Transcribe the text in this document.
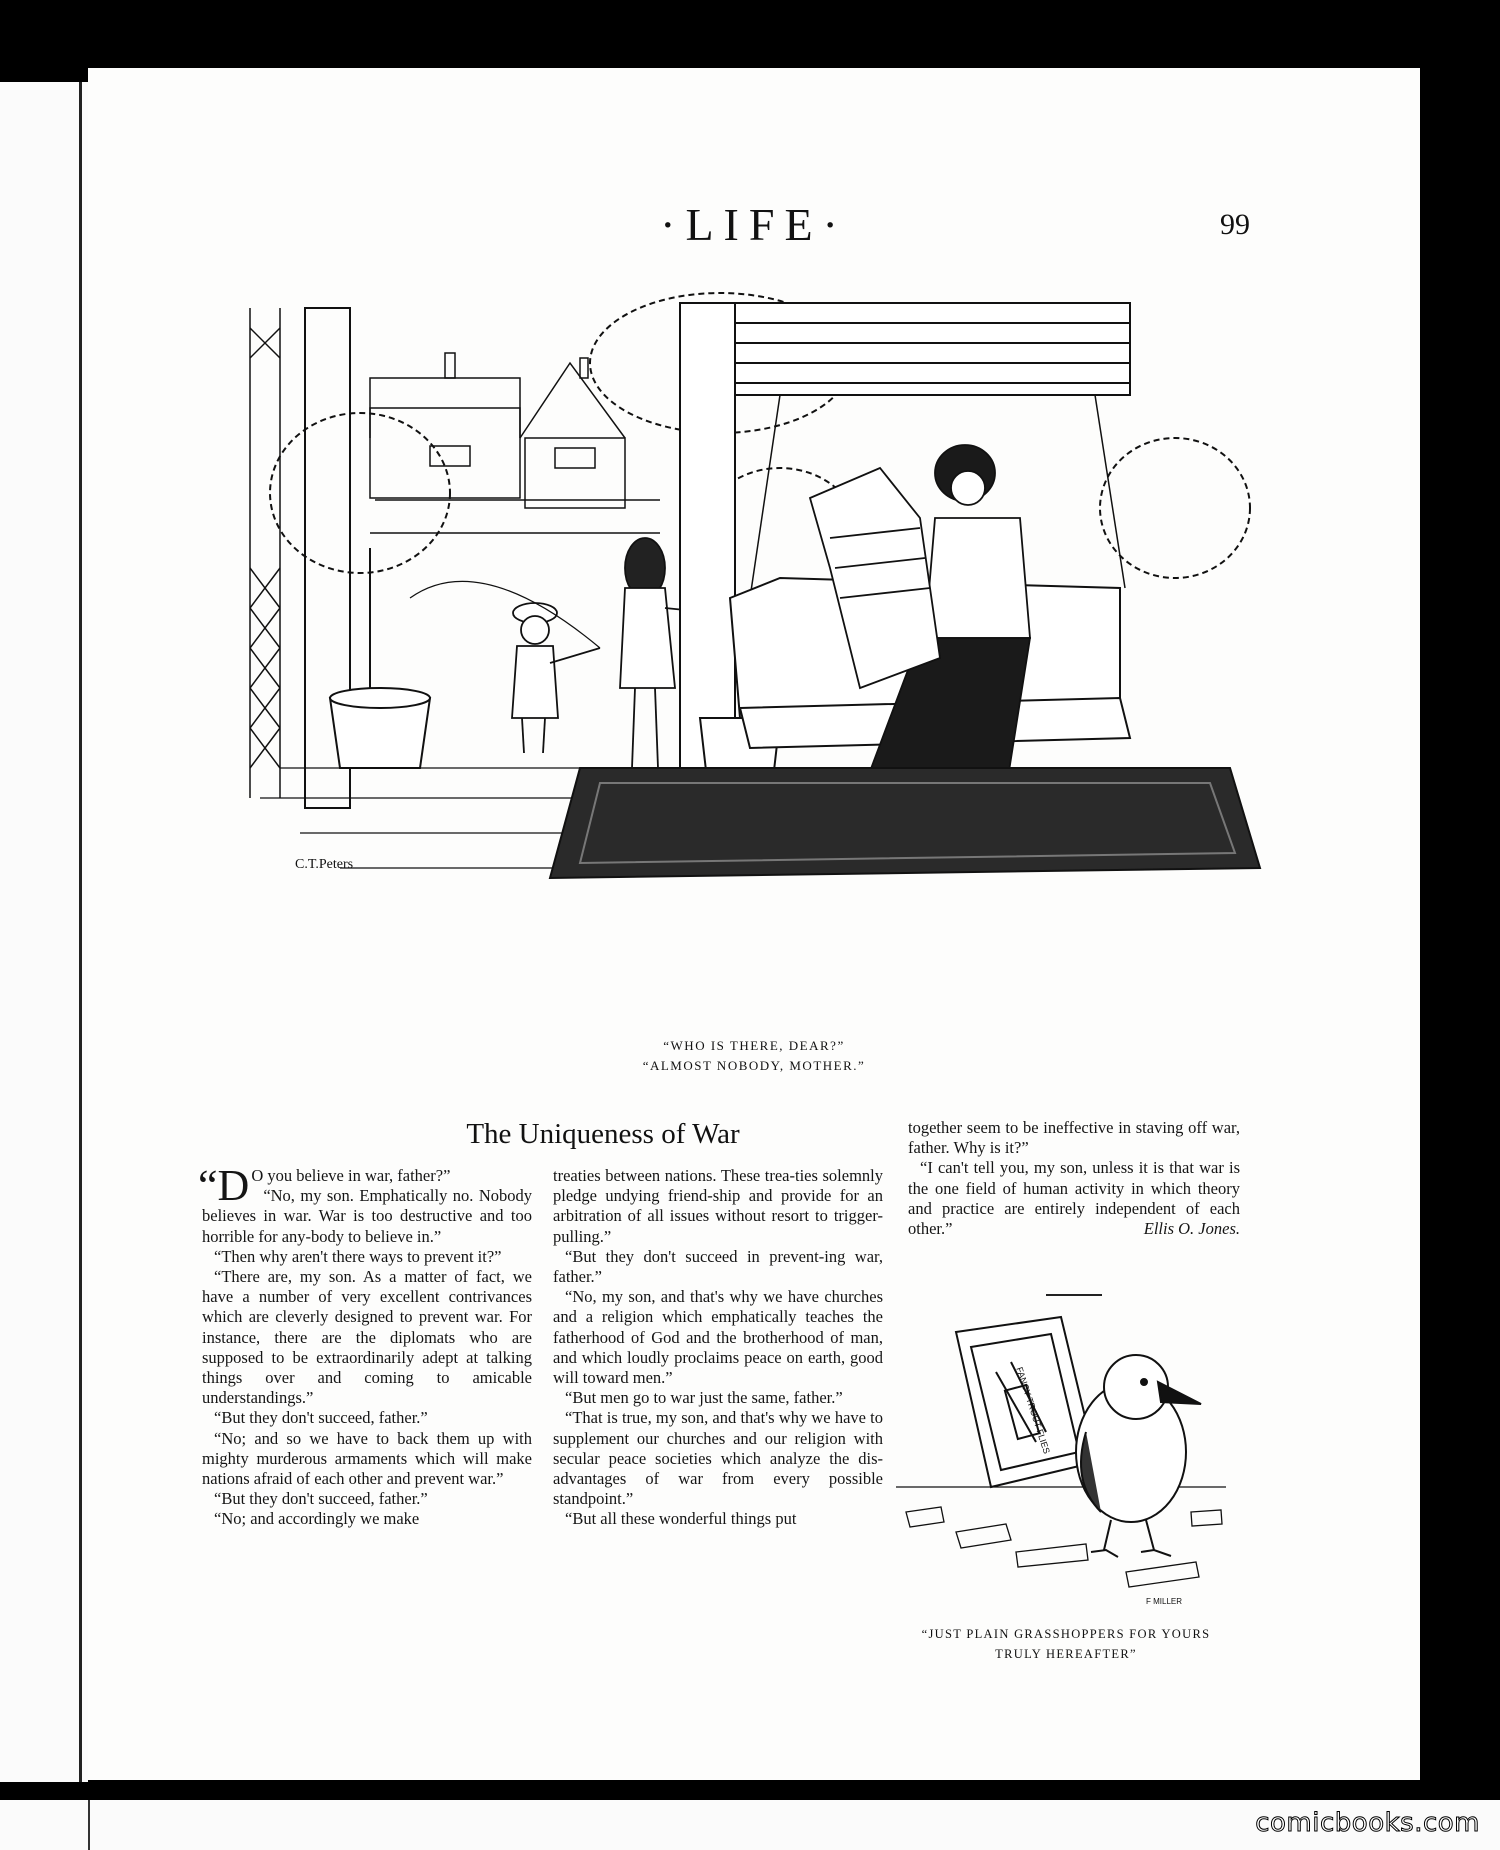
·LIFE·	99
C.T.Peters
“WHO IS THERE, DEAR?”
“ALMOST NOBODY, MOTHER.”
The Uniqueness of War

“D O you believe in war, father?”

“No, my son. Emphatically no. Nobody believes in war. War is too destructive and too horrible for any-body to believe in.”

“Then why aren't there ways to prevent it?”

“There are, my son. As a matter of fact, we have a number of very excellent contrivances which are cleverly designed to prevent war. For instance, there are the diplomats who are supposed to be extraordinarily adept at talking things over and coming to amicable understandings.”

“But they don't succeed, father.”

“No; and so we have to back them up with mighty murderous armaments which will make nations afraid of each other and prevent war.”

“But they don't succeed, father.”

“No; and accordingly we make

treaties between nations. These trea-ties solemnly pledge undying friend-ship and provide for an arbitration of all issues without resort to trigger-pulling.”

“But they don't succeed in prevent-ing war, father.”

“No, my son, and that's why we have churches and a religion which emphatically teaches the fatherhood of God and the brotherhood of man, and which loudly proclaims peace on earth, good will toward men.”

“But men go to war just the same, father.”

“That is true, my son, and that's why we have to supplement our churches and our religion with secular peace societies which analyze the dis-advantages of war from every possible standpoint.”

“But all these wonderful things put

together seem to be ineffective in staving off war, father. Why is it?”

“I can't tell you, my son, unless it is that war is the one field of human activity in which theory and practice are entirely independent of each other.”	Ellis O. Jones.

FANCY TROUT FLIES
F MILLER
“JUST PLAIN GRASSHOPPERS FOR YOURS
TRULY HEREAFTER”
comicbooks.com
